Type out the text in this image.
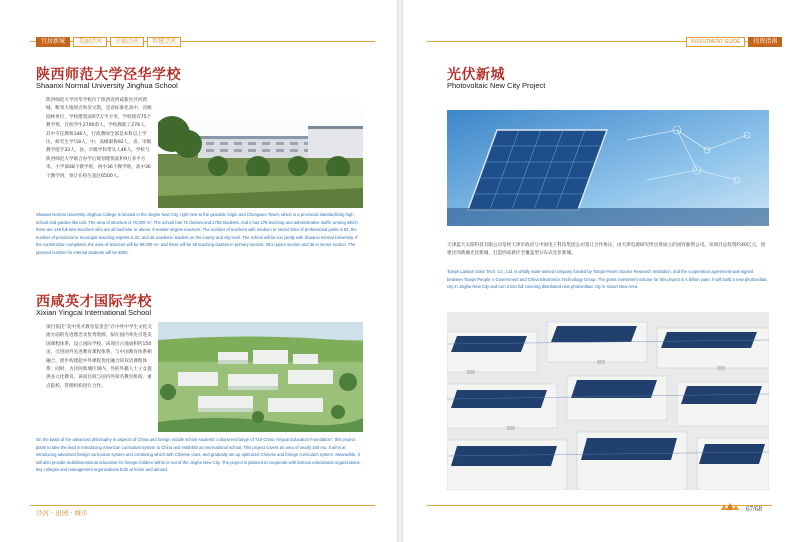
宜居新城	美丽泾河	幸福泾河	智慧泾河
陕西师范大学泾华学校
Shaanxi Normal University Jinghua School
陕西师范大学泾华学校位于陕西省西咸新区泾河新城，毗邻大地原点和崇文塔，是省标准化高中，省级园林单位，学校建筑面积7万平方米，学校现有75个教学班，在校学生2700余人，学校教职工278人，其中专任教师146人，行政教师全部是本科以上学历，研究生学历8人，中、高级职称92人，省、市级教学能手32人，县、市级学科带头人46人。学校与陕西师范大学联合办学后规划建筑面积9万多平方米，小学部48个教学班，初中36个教学班，高中36个教学班，预计在校生超过6500人。
Shaanxi Normal University Jinghua College is located in the Jinghe New City, right next to the geodetic origin and Chongwen Tower, which is a provincial standardizing high school and garden-like unit. The area of structure is 70,000 m². The school has 75 classes and 2700 students. And it has 278 teaching and administrative staffs, among which, there are 146 full-time teachers who are all bachelor or above, 8 master-degree teachers. The number of teachers with medium or senior titles of professional posts is 92, the number of provincial or municipal teaching experts is 32, and 46 academic leaders on the county and city level. The school will be run jointly with Shaanxi normal University. If the construction completes, the area of structure will be 90,000 m², and there will be 48 teaching classes in primary section, 36 in junior section and 36 in senior section. The planned number for internal students will be 6500.
西咸英才国际学校
Xixian Yingcai International School
项目依托“美中英才教育基金会”在中外中学生文化交流方面的先进理念及优秀资源，拟在国内率先引进美国课程体系，设立国际学校。该项目占地面积约150亩，引进国外先进教育课程体系，与中国教育体系相融合，逐步构建起中外课程优化融合的双语课程体系；同时，为泾河新城区域内、外的外籍人士子女提供多元化教育。该项目拟与国内外知名教育机构、重点院校、管理机构进行合作。
On the basis of the advanced philosophy in aspects of China and foreign middle school students’ cultural exchange of “US-China Yingcai Education Foundation”, this project plans to take the lead in introducing American curriculum system to China and establish an international school. This project covers an area of nearly 150 mu. It aims at introducing advanced foreign curriculum system and combining which with Chinese ones, and gradually set up optimized Chinese and foreign curriculum system. Meanwhile, it will also provide multidimensional education for foreign children within or out of the Jinghe New City. The project is planned to cooperate with famous educational organizations, key colleges and management organizations both at home and abroad.
泾河 · 田园 · 城市
INVESTMENT GUIDE	投资指南
光伏新城
Photovoltaic New City Project
天津蓝天太阳科技有限公司是经天津市政府与中国电子科技集团公司签订合作协议，由天津电源研究所出资成立的国有独资公司。该项目总投资约40亿元，创建泾河新城光伏新城，打造西咸新区全覆盖型分布式光伏新城。
Tianjin Lantian Solar Tech. Co., Ltd. is wholly state-owned company funded by Tianjin Power Source Research Institution, and the cooperation agreement was signed between Tianjin People’ s Government and China Electronics Technology Group. The gross investment volume for this project is 4 billion yuan. It will build a new photovoltaic city in Jinghe New City and turn it into full-covering distributed new photovoltaic city in Xixian New Area.
67/68
